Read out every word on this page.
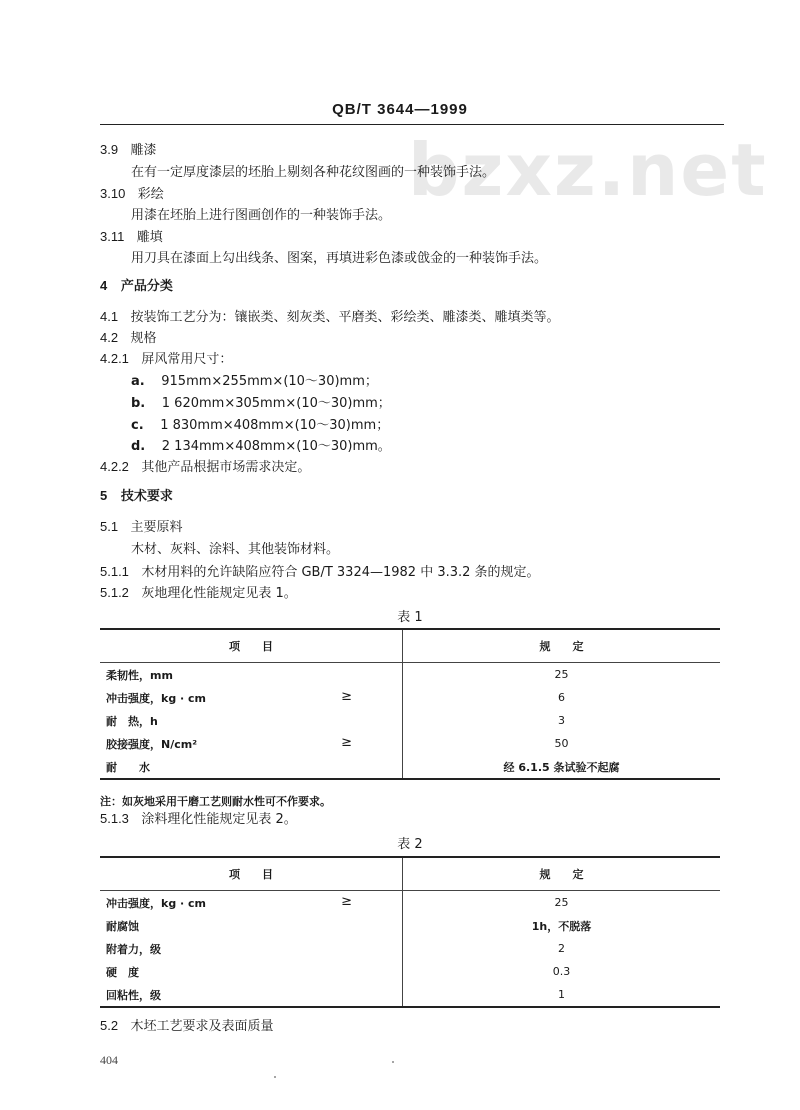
QB/T 3644—1999
bzxz.net
3.9 雕漆
在有一定厚度漆层的坯胎上剔刻各种花纹图画的一种装饰手法。
3.10 彩绘
用漆在坯胎上进行图画创作的一种装饰手法。
3.11 雕填
用刀具在漆面上勾出线条、图案，再填进彩色漆或戗金的一种装饰手法。
4 产品分类
4.1 按装饰工艺分为：镶嵌类、刻灰类、平磨类、彩绘类、雕漆类、雕填类等。
4.2 规格
4.2.1 屏风常用尺寸：
a. 915mm×255mm×(10～30)mm；
b. 1 620mm×305mm×(10～30)mm；
c. 1 830mm×408mm×(10～30)mm；
d. 2 134mm×408mm×(10～30)mm。
4.2.2 其他产品根据市场需求决定。
5 技术要求
5.1 主要原料
木材、灰料、涂料、其他装饰材料。
5.1.1 木材用料的允许缺陷应符合 GB/T 3324—1982 中 3.3.2 条的规定。
5.1.2 灰地理化性能规定见表 1。
表 1
项　　目	规　　定
柔韧性，mm	25
冲击强度，kg · cm ≥	6
耐　热，h	3
胶接强度，N/cm² ≥	50
耐　　水	经 6.1.5 条试验不起腐
注：如灰地采用干磨工艺则耐水性可不作要求。
5.1.3 涂料理化性能规定见表 2。
表 2
项　　目	规　　定
冲击强度，kg · cm ≥	25
耐腐蚀	1h，不脱落
附着力，级	2
硬　度	0.3
回粘性，级	1
5.2 木坯工艺要求及表面质量
404
